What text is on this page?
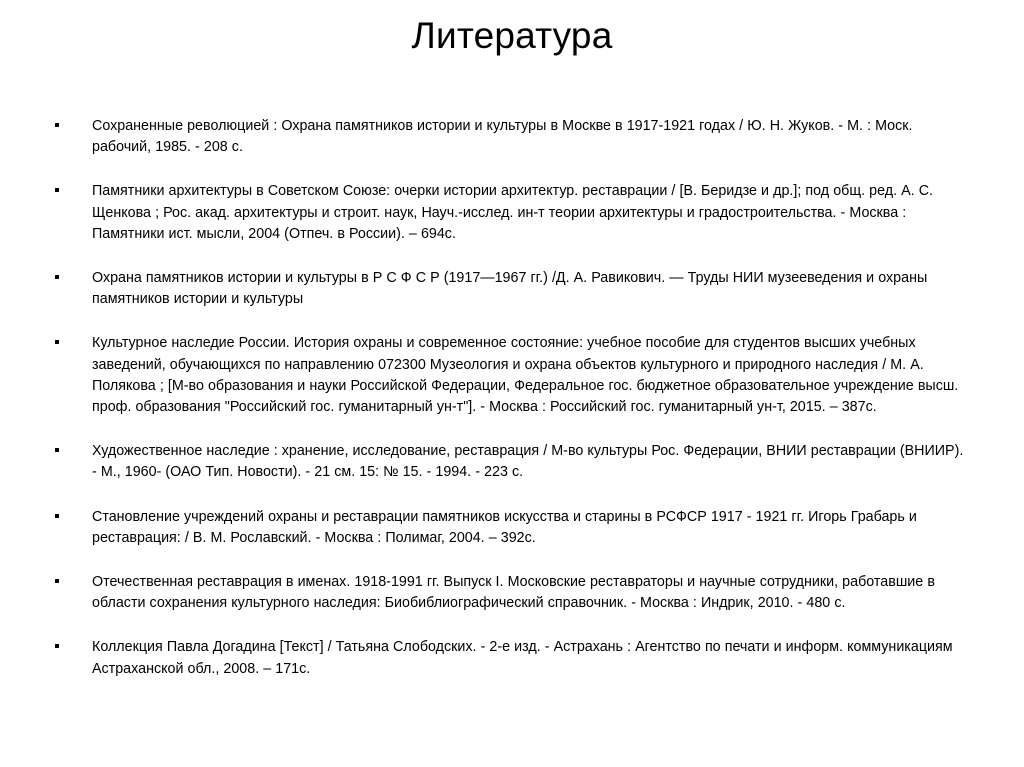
Литература
Сохраненные революцией : Охрана памятников истории и культуры в Москве в 1917-1921 годах / Ю. Н. Жуков. - М. : Моск. рабочий, 1985. - 208 с.
Памятники архитектуры в Советском Союзе: очерки истории архитектур. реставрации / [В. Беридзе и др.]; под общ. ред. А. С. Щенкова ; Рос. акад. архитектуры и строит. наук, Науч.-исслед. ин-т теории архитектуры и градостроительства. - Москва : Памятники ист. мысли, 2004 (Отпеч. в России). – 694с.
Охрана памятников истории и культуры в Р С Ф С Р (1917—1967 гг.) /Д. А. Равикович. — Труды НИИ музееведения и охраны памятников истории и культуры
Культурное наследие России. История охраны и современное состояние: учебное пособие для студентов высших учебных заведений, обучающихся по направлению 072300 Музеология и охрана объектов культурного и природного наследия / М. А. Полякова ; [М-во образования и науки Российской Федерации, Федеральное гос. бюджетное образовательное учреждение высш. проф. образования "Российский гос. гуманитарный ун-т"]. - Москва : Российский гос. гуманитарный ун-т, 2015. – 387с.
Художественное наследие : хранение, исследование, реставрация / М-во культуры Рос. Федерации, ВНИИ реставрации (ВНИИР). - М., 1960- (ОАО Тип. Новости). - 21 см. 15: № 15. - 1994. - 223 с.
Становление учреждений охраны и реставрации памятников искусства и старины в РСФСР 1917 - 1921 гг. Игорь Грабарь и реставрация: / В. М. Рославский. - Москва : Полимаг, 2004. – 392с.
Отечественная реставрация в именах. 1918-1991 гг. Выпуск I. Московские реставраторы и научные сотрудники, работавшие в области сохранения культурного наследия: Биобиблиографический справочник. - Москва : Индрик, 2010. - 480 с.
Коллекция Павла Догадина [Текст] / Татьяна Слободских. - 2-е изд. - Астрахань : Агентство по печати и информ. коммуникациям Астраханской обл., 2008. – 171с.
